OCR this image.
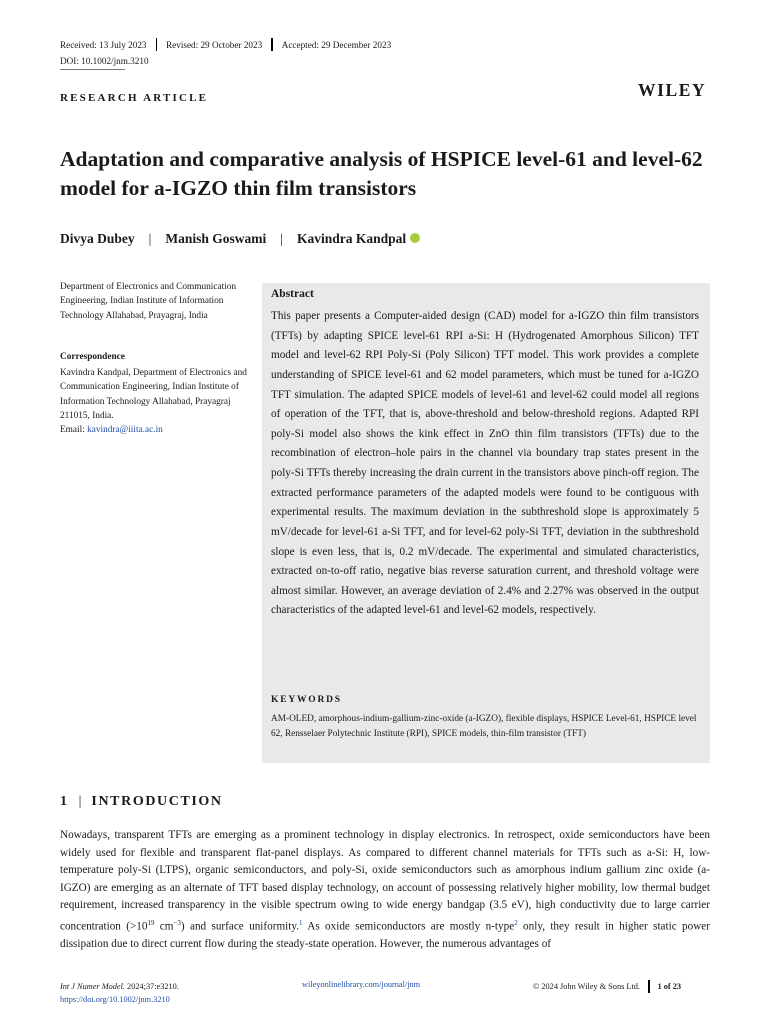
Received: 13 July 2023 Revised: 29 October 2023 Accepted: 29 December 2023
DOI: 10.1002/jnm.3210
RESEARCH ARTICLE	WILEY
Adaptation and comparative analysis of HSPICE level-61 and level-62 model for a-IGZO thin film transistors
Divya Dubey | Manish Goswami | Kavindra Kandpal
Department of Electronics and Communication Engineering, Indian Institute of Information Technology Allahabad, Prayagraj, India
Correspondence
Kavindra Kandpal, Department of Electronics and Communication Engineering, Indian Institute of Information Technology Allahabad, Prayagraj 211015, India.
Email: kavindra@iiita.ac.in
Abstract
This paper presents a Computer-aided design (CAD) model for a-IGZO thin film transistors (TFTs) by adapting SPICE level-61 RPI a-Si: H (Hydrogenated Amorphous Silicon) TFT model and level-62 RPI Poly-Si (Poly Silicon) TFT model. This work provides a complete understanding of SPICE level-61 and 62 model parameters, which must be tuned for a-IGZO TFT simulation. The adapted SPICE models of level-61 and level-62 could model all regions of operation of the TFT, that is, above-threshold and below-threshold regions. Adapted RPI poly-Si model also shows the kink effect in ZnO thin film transistors (TFTs) due to the recombination of electron–hole pairs in the channel via boundary trap states present in the poly-Si TFTs thereby increasing the drain current in the transistors above pinch-off region. The extracted performance parameters of the adapted models were found to be contiguous with experimental results. The maximum deviation in the subthreshold slope is approximately 5 mV/decade for level-61 a-Si TFT, and for level-62 poly-Si TFT, deviation in the subthreshold slope is even less, that is, 0.2 mV/decade. The experimental and simulated characteristics, extracted on-to-off ratio, negative bias reverse saturation current, and threshold voltage were almost similar. However, an average deviation of 2.4% and 2.27% was observed in the output characteristics of the adapted level-61 and level-62 models, respectively.
KEYWORDS
AM-OLED, amorphous-indium-gallium-zinc-oxide (a-IGZO), flexible displays, HSPICE Level-61, HSPICE level 62, Rensselaer Polytechnic Institute (RPI), SPICE models, thin-film transistor (TFT)
1 | INTRODUCTION
Nowadays, transparent TFTs are emerging as a prominent technology in display electronics. In retrospect, oxide semiconductors have been widely used for flexible and transparent flat-panel displays. As compared to different channel materials for TFTs such as a-Si: H, low-temperature poly-Si (LTPS), organic semiconductors, and poly-Si, oxide semiconductors such as amorphous indium gallium zinc oxide (a-IGZO) are emerging as an alternate of TFT based display technology, on account of possessing relatively higher mobility, low thermal budget requirement, increased transparency in the visible spectrum owing to wide energy bandgap (3.5 eV), high conductivity due to large carrier concentration ($>10^{19}$ $cm^{-3}$) and surface uniformity.$^1$ As oxide semiconductors are mostly n-type$^2$ only, they result in higher static power dissipation due to direct current flow during the steady-state operation. However, the numerous advantages of
Int J Numer Model. 2024;37:e3210.
https://doi.org/10.1002/jnm.3210
wileyonlinelibrary.com/journal/jnm	© 2024 John Wiley & Sons Ltd. 1 of 23
